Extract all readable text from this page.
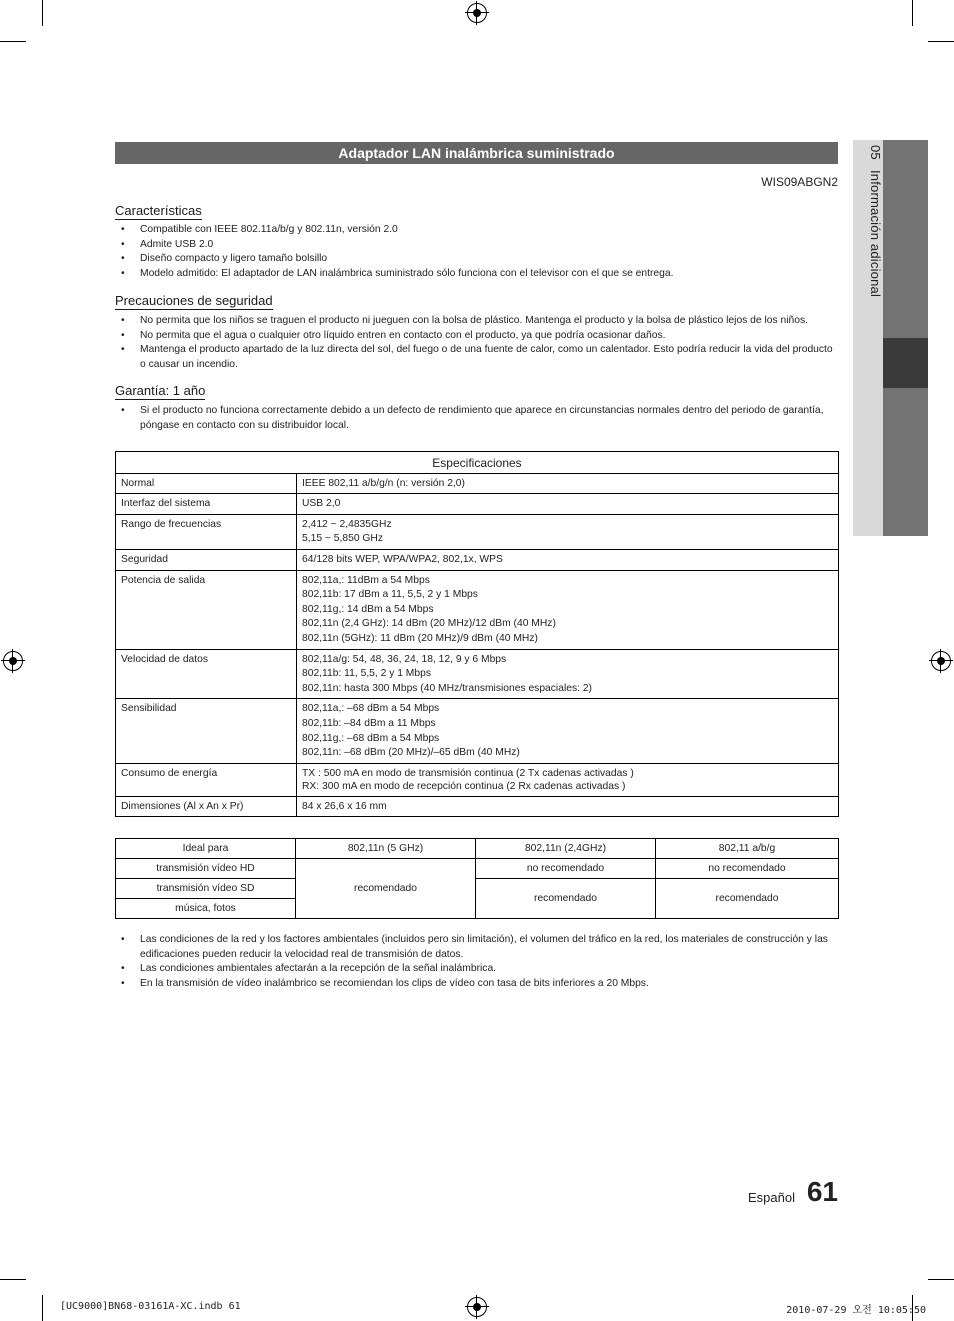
05
Información adicional
Adaptador LAN inalámbrica suministrado
WIS09ABGN2
Características
• Compatible con IEEE 802.11a/b/g y 802.11n, versión 2.0
• Admite USB 2.0
• Diseño compacto y ligero tamaño bolsillo
• Modelo admitido: El adaptador de LAN inalámbrica suministrado sólo funciona con el televisor con el que se entrega.
Precauciones de seguridad
• No permita que los niños se traguen el producto ni jueguen con la bolsa de plástico. Mantenga el producto y la bolsa de plástico lejos de los niños.
• No permita que el agua o cualquier otro líquido entren en contacto con el producto, ya que podría ocasionar daños.
• Mantenga el producto apartado de la luz directa del sol, del fuego o de una fuente de calor, como un calentador. Esto podría reducir la vida del producto o causar un incendio.
Garantía: 1 año
• Si el producto no funciona correctamente debido a un defecto de rendimiento que aparece en circunstancias normales dentro del periodo de garantía, póngase en contacto con su distribuidor local.
Especificaciones	
Normal	IEEE 802,11 a/b/g/n (n: versión 2,0)

Interfaz del sistema	USB 2,0

Rango de frecuencias	2,412 ~ 2,4835GHz
5,15 ~ 5,850 GHz

Seguridad	64/128 bits WEP, WPA/WPA2, 802,1x, WPS

Potencia de salida	802,11a,: 11dBm a 54 Mbps
802,11b: 17 dBm a 11, 5,5, 2 y 1 Mbps
802,11g,: 14 dBm a 54 Mbps
802,11n (2,4 GHz): 14 dBm (20 MHz)/12 dBm (40 MHz)
802,11n (5GHz): 11 dBm (20 MHz)/9 dBm (40 MHz)

Velocidad de datos	802,11a/g: 54, 48, 36, 24, 18, 12, 9 y 6 Mbps
802,11b: 11, 5,5, 2 y 1 Mbps
802,11n: hasta 300 Mbps (40 MHz/transmisiones espaciales: 2)

Sensibilidad	802,11a,: –68 dBm a 54 Mbps
802,11b: –84 dBm a 11 Mbps
802,11g,: –68 dBm a 54 Mbps
802,11n: –68 dBm (20 MHz)/–65 dBm (40 MHz)

Consumo de energía	TX : 500 mA en modo de transmisión continua (2 Tx cadenas activadas )
RX: 300 mA en modo de recepción continua (2 Rx cadenas activadas )

Dimensiones (Al x An x Pr)	84 x 26,6 x 16 mm
Ideal para	802,11n (5 GHz)	802,11n (2,4GHz)	802,11 a/b/g
transmisión vídeo HD	recomendado	no recomendado	no recomendado
transmisión vídeo SD		recomendado	recomendado
música, fotos			
• Las condiciones de la red y los factores ambientales (incluidos pero sin limitación), el volumen del tráfico en la red, los materiales de construcción y las edificaciones pueden reducir la velocidad real de transmisión de datos.
• Las condiciones ambientales afectarán a la recepción de la señal inalámbrica.
• En la transmisión de vídeo inalámbrico se recomiendan los clips de vídeo con tasa de bits inferiores a 20 Mbps.
Español 61
[UC9000]BN68-03161A-XC.indb 61	2010-07-29 오전 10:05:50
